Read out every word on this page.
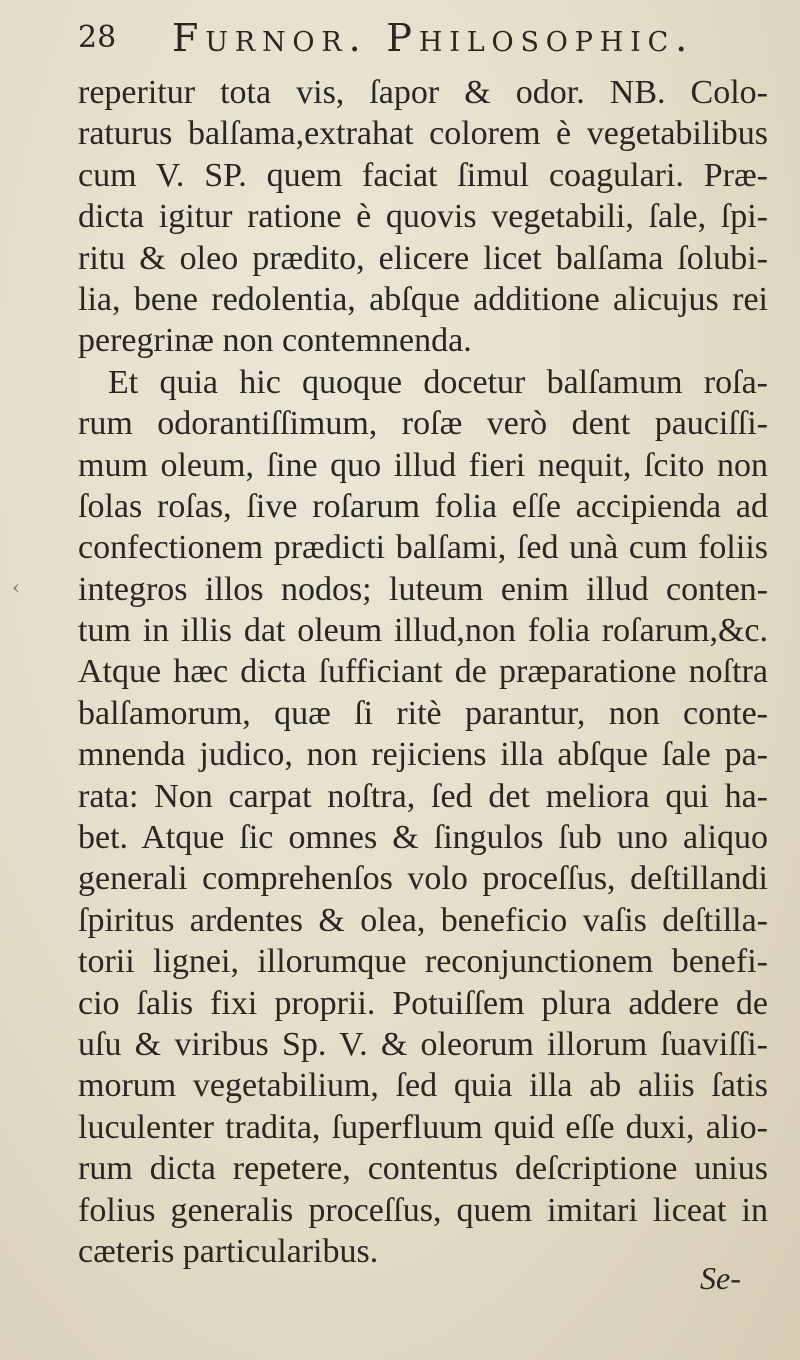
28 Furnor. Philosophic.
‹
reperitur tota vis, ſapor & odor. NB. Colo-
raturus balſama,extrahat colorem è vegetabilibus
cum V. SP. quem faciat ſimul coagulari. Præ-
dicta igitur ratione è quovis vegetabili, ſale, ſpi-
ritu & oleo prædito, elicere licet balſama ſolubi-
lia, bene redolentia, abſque additione alicujus rei
peregrinæ non contemnenda.
Et quia hic quoque docetur balſamum roſa-
rum odorantiſſimum, roſæ verò dent pauciſſi-
mum oleum, ſine quo illud fieri nequit, ſcito non
ſolas roſas, ſive roſarum folia eſſe accipienda ad
confectionem prædicti balſami, ſed unà cum foliis
integros illos nodos; luteum enim illud conten-
tum in illis dat oleum illud,non folia roſarum,&c.
Atque hæc dicta ſufficiant de præparatione noſtra
balſamorum, quæ ſi ritè parantur, non conte-
mnenda judico, non rejiciens illa abſque ſale pa-
rata: Non carpat noſtra, ſed det meliora qui ha-
bet. Atque ſic omnes & ſingulos ſub uno aliquo
generali comprehenſos volo proceſſus, deſtillandi
ſpiritus ardentes & olea, beneficio vaſis deſtilla-
torii lignei, illorumque reconjunctionem benefi-
cio ſalis fixi proprii. Potuiſſem plura addere de
uſu & viribus Sp. V. & oleorum illorum ſuaviſſi-
morum vegetabilium, ſed quia illa ab aliis ſatis
luculenter tradita, ſuperfluum quid eſſe duxi, alio-
rum dicta repetere, contentus deſcriptione unius
folius generalis proceſſus, quem imitari liceat in
cæteris particularibus.
Se-
